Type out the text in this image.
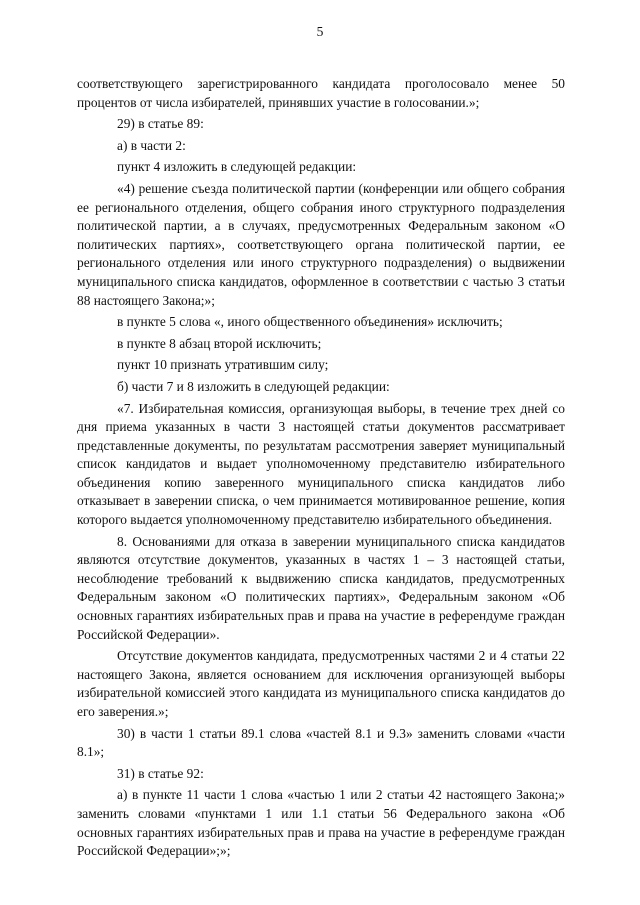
5

соответствующего зарегистрированного кандидата проголосовало менее 50 процентов от числа избирателей, принявших участие в голосовании.»;

29) в статье 89:

а) в части 2:

пункт 4 изложить в следующей редакции:

«4) решение съезда политической партии (конференции или общего собрания ее регионального отделения, общего собрания иного структурного подразделения политической партии, а в случаях, предусмотренных Федеральным законом «О политических партиях», соответствующего органа политической партии, ее регионального отделения или иного структурного подразделения) о выдвижении муниципального списка кандидатов, оформленное в соответствии с частью 3 статьи 88 настоящего Закона;»;

в пункте 5 слова «, иного общественного объединения» исключить;

в пункте 8 абзац второй исключить;

пункт 10 признать утратившим силу;

б) части 7 и 8 изложить в следующей редакции:

«7. Избирательная комиссия, организующая выборы, в течение трех дней со дня приема указанных в части 3 настоящей статьи документов рассматривает представленные документы, по результатам рассмотрения заверяет муниципальный список кандидатов и выдает уполномоченному представителю избирательного объединения копию заверенного муниципального списка кандидатов либо отказывает в заверении списка, о чем принимается мотивированное решение, копия которого выдается уполномоченному представителю избирательного объединения.

8. Основаниями для отказа в заверении муниципального списка кандидатов являются отсутствие документов, указанных в частях 1 – 3 настоящей статьи, несоблюдение требований к выдвижению списка кандидатов, предусмотренных Федеральным законом «О политических партиях», Федеральным законом «Об основных гарантиях избирательных прав и права на участие в референдуме граждан Российской Федерации».

Отсутствие документов кандидата, предусмотренных частями 2 и 4 статьи 22 настоящего Закона, является основанием для исключения организующей выборы избирательной комиссией этого кандидата из муниципального списка кандидатов до его заверения.»;

30) в части 1 статьи 89.1 слова «частей 8.1 и 9.3» заменить словами «части 8.1»;

31) в статье 92:

а) в пункте 11 части 1 слова «частью 1 или 2 статьи 42 настоящего Закона;» заменить словами «пунктами 1 или 1.1 статьи 56 Федерального закона «Об основных гарантиях избирательных прав и права на участие в референдуме граждан Российской Федерации»;»;
